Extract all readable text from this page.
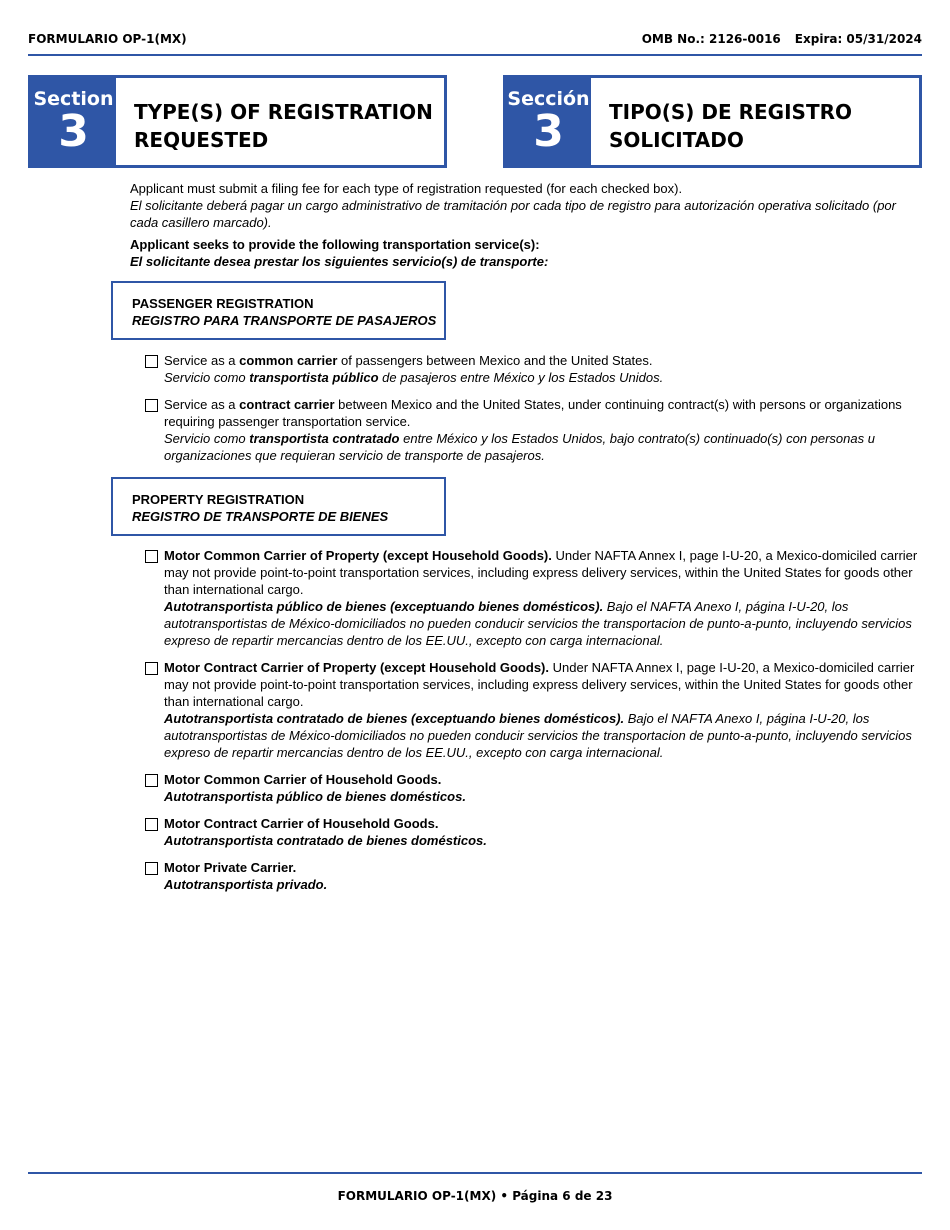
FORMULARIO OP-1(MX)	OMB No.: 2126-0016 Expira: 05/31/2024
Section
3	TYPE(S) OF REGISTRATION
REQUESTED
Sección
3	TIPO(S) DE REGISTRO
SOLICITADO
Applicant must submit a filing fee for each type of registration requested (for each checked box).
El solicitante deberá pagar un cargo administrativo de tramitación por cada tipo de registro para autorización operativa solicitado (por cada casillero marcado).
Applicant seeks to provide the following transportation service(s):
El solicitante desea prestar los siguientes servicio(s) de transporte:
PASSENGER REGISTRATION
REGISTRO PARA TRANSPORTE DE PASAJEROS
Service as a common carrier of passengers between Mexico and the United States.
Servicio como transportista público de pasajeros entre México y los Estados Unidos.
Service as a contract carrier between Mexico and the United States, under continuing contract(s) with persons or organizations requiring passenger transportation service.
Servicio como transportista contratado entre México y los Estados Unidos, bajo contrato(s) continuado(s) con personas u organizaciones que requieran servicio de transporte de pasajeros.
PROPERTY REGISTRATION
REGISTRO DE TRANSPORTE DE BIENES
Motor Common Carrier of Property (except Household Goods). Under NAFTA Annex I, page I-U-20, a Mexico-domiciled carrier may not provide point-to-point transportation services, including express delivery services, within the United States for goods other than international cargo.
Autotransportista público de bienes (exceptuando bienes domésticos). Bajo el NAFTA Anexo I, página I-U-20, los autotransportistas de México-domiciliados no pueden conducir servicios the transportacion de punto-a-punto, incluyendo servicios expreso de repartir mercancias dentro de los EE.UU., excepto con carga internacional.
Motor Contract Carrier of Property (except Household Goods). Under NAFTA Annex I, page I-U-20, a Mexico-domiciled carrier may not provide point-to-point transportation services, including express delivery services, within the United States for goods other than international cargo.
Autotransportista contratado de bienes (exceptuando bienes domésticos). Bajo el NAFTA Anexo I, página I-U-20, los autotransportistas de México-domiciliados no pueden conducir servicios the transportacion de punto-a-punto, incluyendo servicios expreso de repartir mercancias dentro de los EE.UU., excepto con carga internacional.
Motor Common Carrier of Household Goods.
Autotransportista público de bienes domésticos.
Motor Contract Carrier of Household Goods.
Autotransportista contratado de bienes domésticos.
Motor Private Carrier.
Autotransportista privado.
FORMULARIO OP-1(MX) • Página 6 de 23
